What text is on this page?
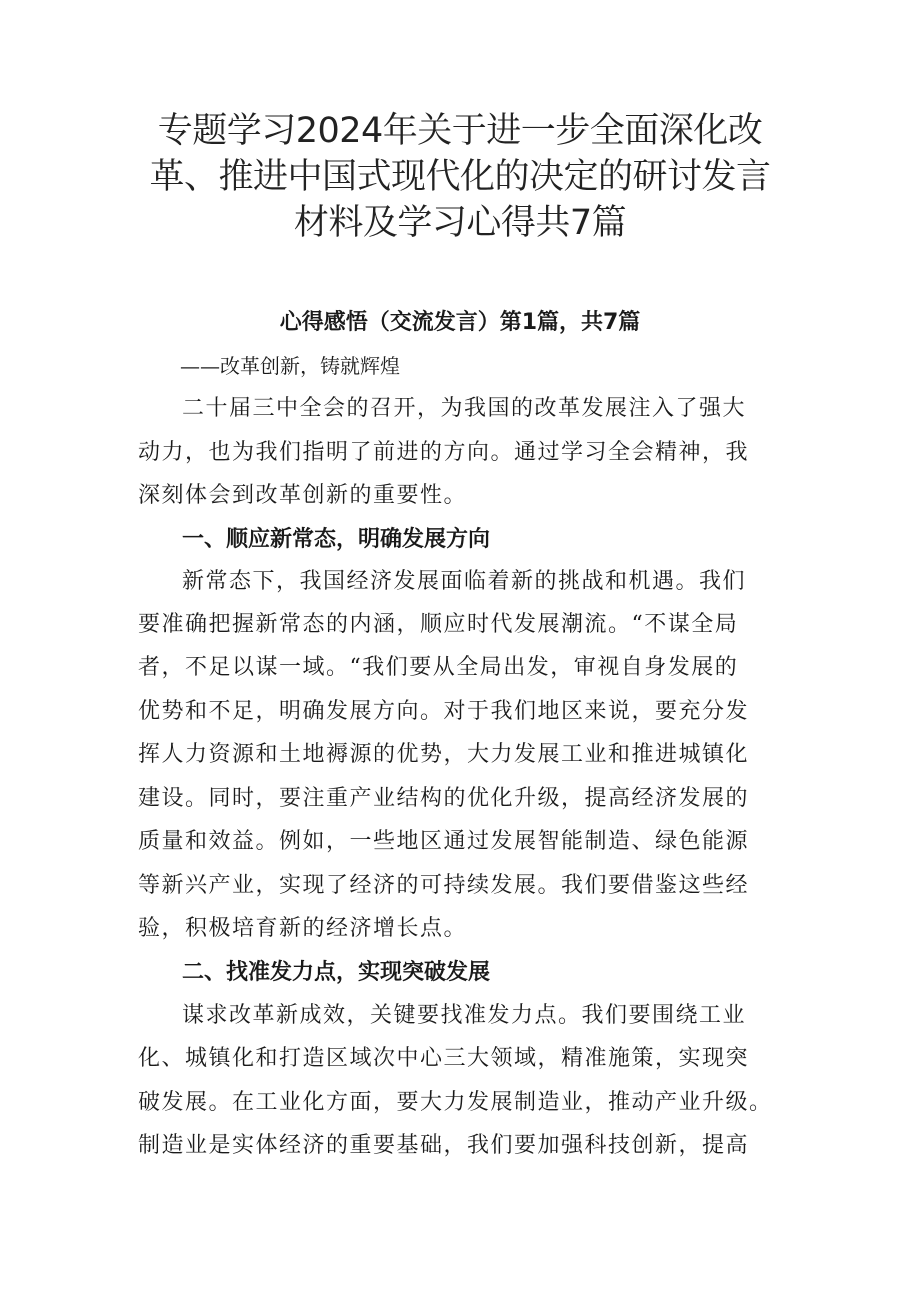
专题学习2024年关于进一步全面深化改
革、推进中国式现代化的决定的研讨发言
材料及学习心得共7篇
心得感悟（交流发言）第1篇，共7篇

——改革创新，铸就辉煌

二十届三中全会的召开，为我国的改革发展注入了强大

动力，也为我们指明了前进的方向。通过学习全会精神，我

深刻体会到改革创新的重要性。

一、顺应新常态，明确发展方向

新常态下，我国经济发展面临着新的挑战和机遇。我们

要准确把握新常态的内涵，顺应时代发展潮流。“不谋全局

者，不足以谋一域。“我们要从全局出发，审视自身发展的

优势和不足，明确发展方向。对于我们地区来说，要充分发

挥人力资源和土地褥源的优势，大力发展工业和推进城镇化

建设。同时，要注重产业结构的优化升级，提高经济发展的

质量和效益。例如，一些地区通过发展智能制造、绿色能源

等新兴产业，实现了经济的可持续发展。我们要借鉴这些经

验，积极培育新的经济增长点。

二、找准发力点，实现突破发展

谋求改革新成效，关键要找准发力点。我们要围绕工业

化、城镇化和打造区域次中心三大领域，精准施策，实现突

破发展。在工业化方面，要大力发展制造业，推动产业升级。

制造业是实体经济的重要基础，我们要加强科技创新，提高
